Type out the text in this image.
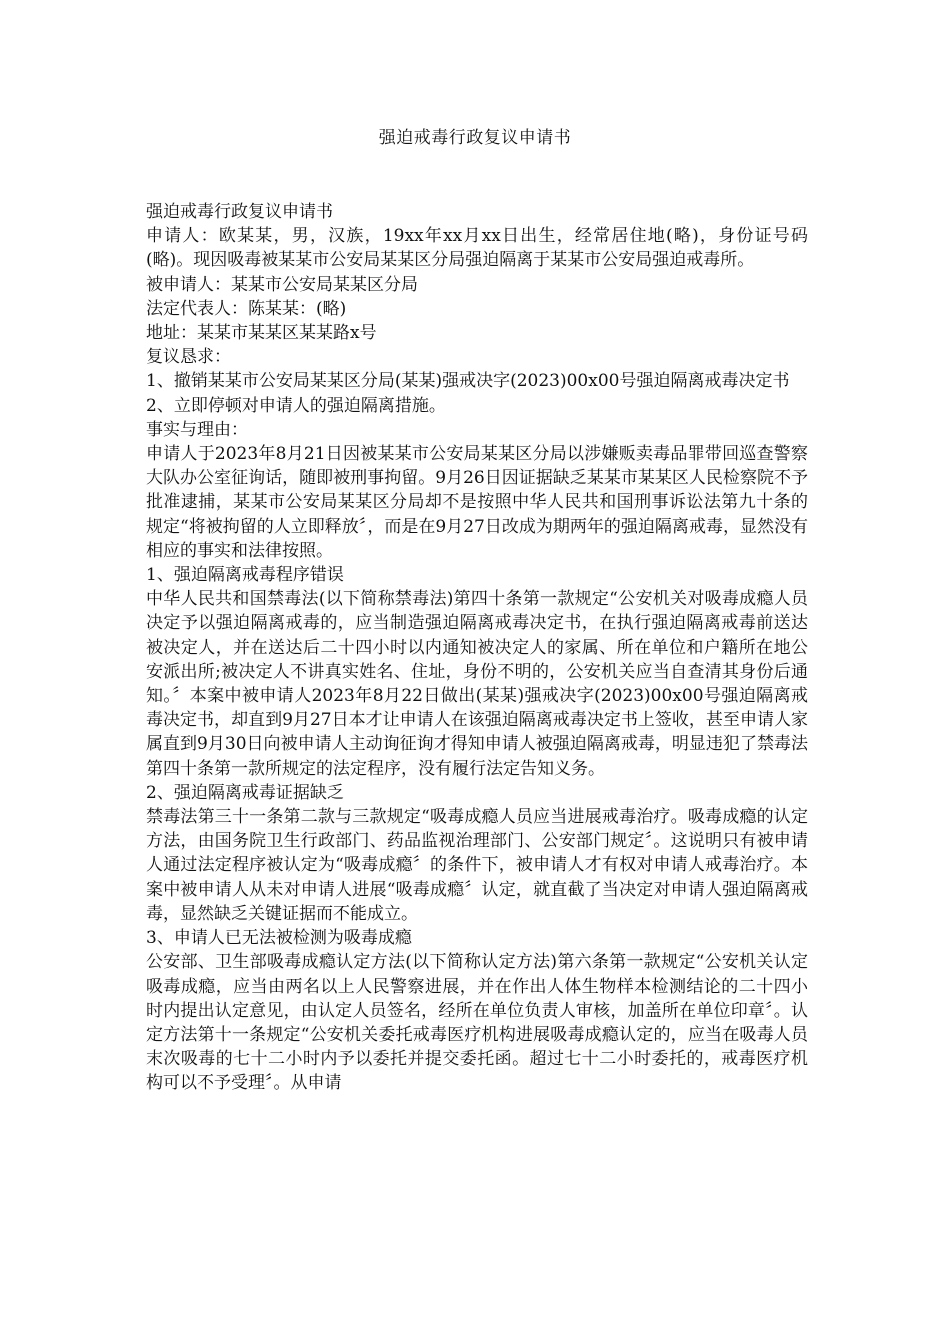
强迫戒毒行政复议申请书

强迫戒毒行政复议申请书

申请人：欧某某，男，汉族，19xx年xx月xx日出生，经常居住地(略)，身份证号码(略)。现因吸毒被某某市公安局某某区分局强迫隔离于某某市公安局强迫戒毒所。

被申请人：某某市公安局某某区分局

法定代表人：陈某某：(略)

地址：某某市某某区某某路x号

复议恳求：

1、撤销某某市公安局某某区分局(某某)强戒决字(2023)00x00号强迫隔离戒毒决定书

2、立即停顿对申请人的强迫隔离措施。

事实与理由：

申请人于2023年8月21日因被某某市公安局某某区分局以涉嫌贩卖毒品罪带回巡查警察大队办公室征询话，随即被刑事拘留。9月26日因证据缺乏某某市某某区人民检察院不予批准逮捕，某某市公安局某某区分局却不是按照中华人民共和国刑事诉讼法第九十条的规定“将被拘留的人立即释放〞，而是在9月27日改成为期两年的强迫隔离戒毒，显然没有相应的事实和法律按照。

1、强迫隔离戒毒程序错误

中华人民共和国禁毒法(以下简称禁毒法)第四十条第一款规定“公安机关对吸毒成瘾人员决定予以强迫隔离戒毒的，应当制造强迫隔离戒毒决定书，在执行强迫隔离戒毒前送达被决定人，并在送达后二十四小时以内通知被决定人的家属、所在单位和户籍所在地公安派出所;被决定人不讲真实姓名、住址，身份不明的，公安机关应当自查清其身份后通知。〞本案中被申请人2023年8月22日做出(某某)强戒决字(2023)00x00号强迫隔离戒毒决定书，却直到9月27日本才让申请人在该强迫隔离戒毒决定书上签收，甚至申请人家属直到9月30日向被申请人主动询征询才得知申请人被强迫隔离戒毒，明显违犯了禁毒法第四十条第一款所规定的法定程序，没有履行法定告知义务。

2、强迫隔离戒毒证据缺乏

禁毒法第三十一条第二款与三款规定“吸毒成瘾人员应当进展戒毒治疗。吸毒成瘾的认定方法，由国务院卫生行政部门、药品监视治理部门、公安部门规定〞。这说明只有被申请人通过法定程序被认定为“吸毒成瘾〞的条件下，被申请人才有权对申请人戒毒治疗。本案中被申请人从未对申请人进展“吸毒成瘾〞认定，就直截了当决定对申请人强迫隔离戒毒，显然缺乏关键证据而不能成立。

3、申请人已无法被检测为吸毒成瘾

公安部、卫生部吸毒成瘾认定方法(以下简称认定方法)第六条第一款规定“公安机关认定吸毒成瘾，应当由两名以上人民警察进展，并在作出人体生物样本检测结论的二十四小时内提出认定意见，由认定人员签名，经所在单位负责人审核，加盖所在单位印章〞。认定方法第十一条规定“公安机关委托戒毒医疗机构进展吸毒成瘾认定的，应当在吸毒人员末次吸毒的七十二小时内予以委托并提交委托函。超过七十二小时委托的，戒毒医疗机构可以不予受理〞。从申请
